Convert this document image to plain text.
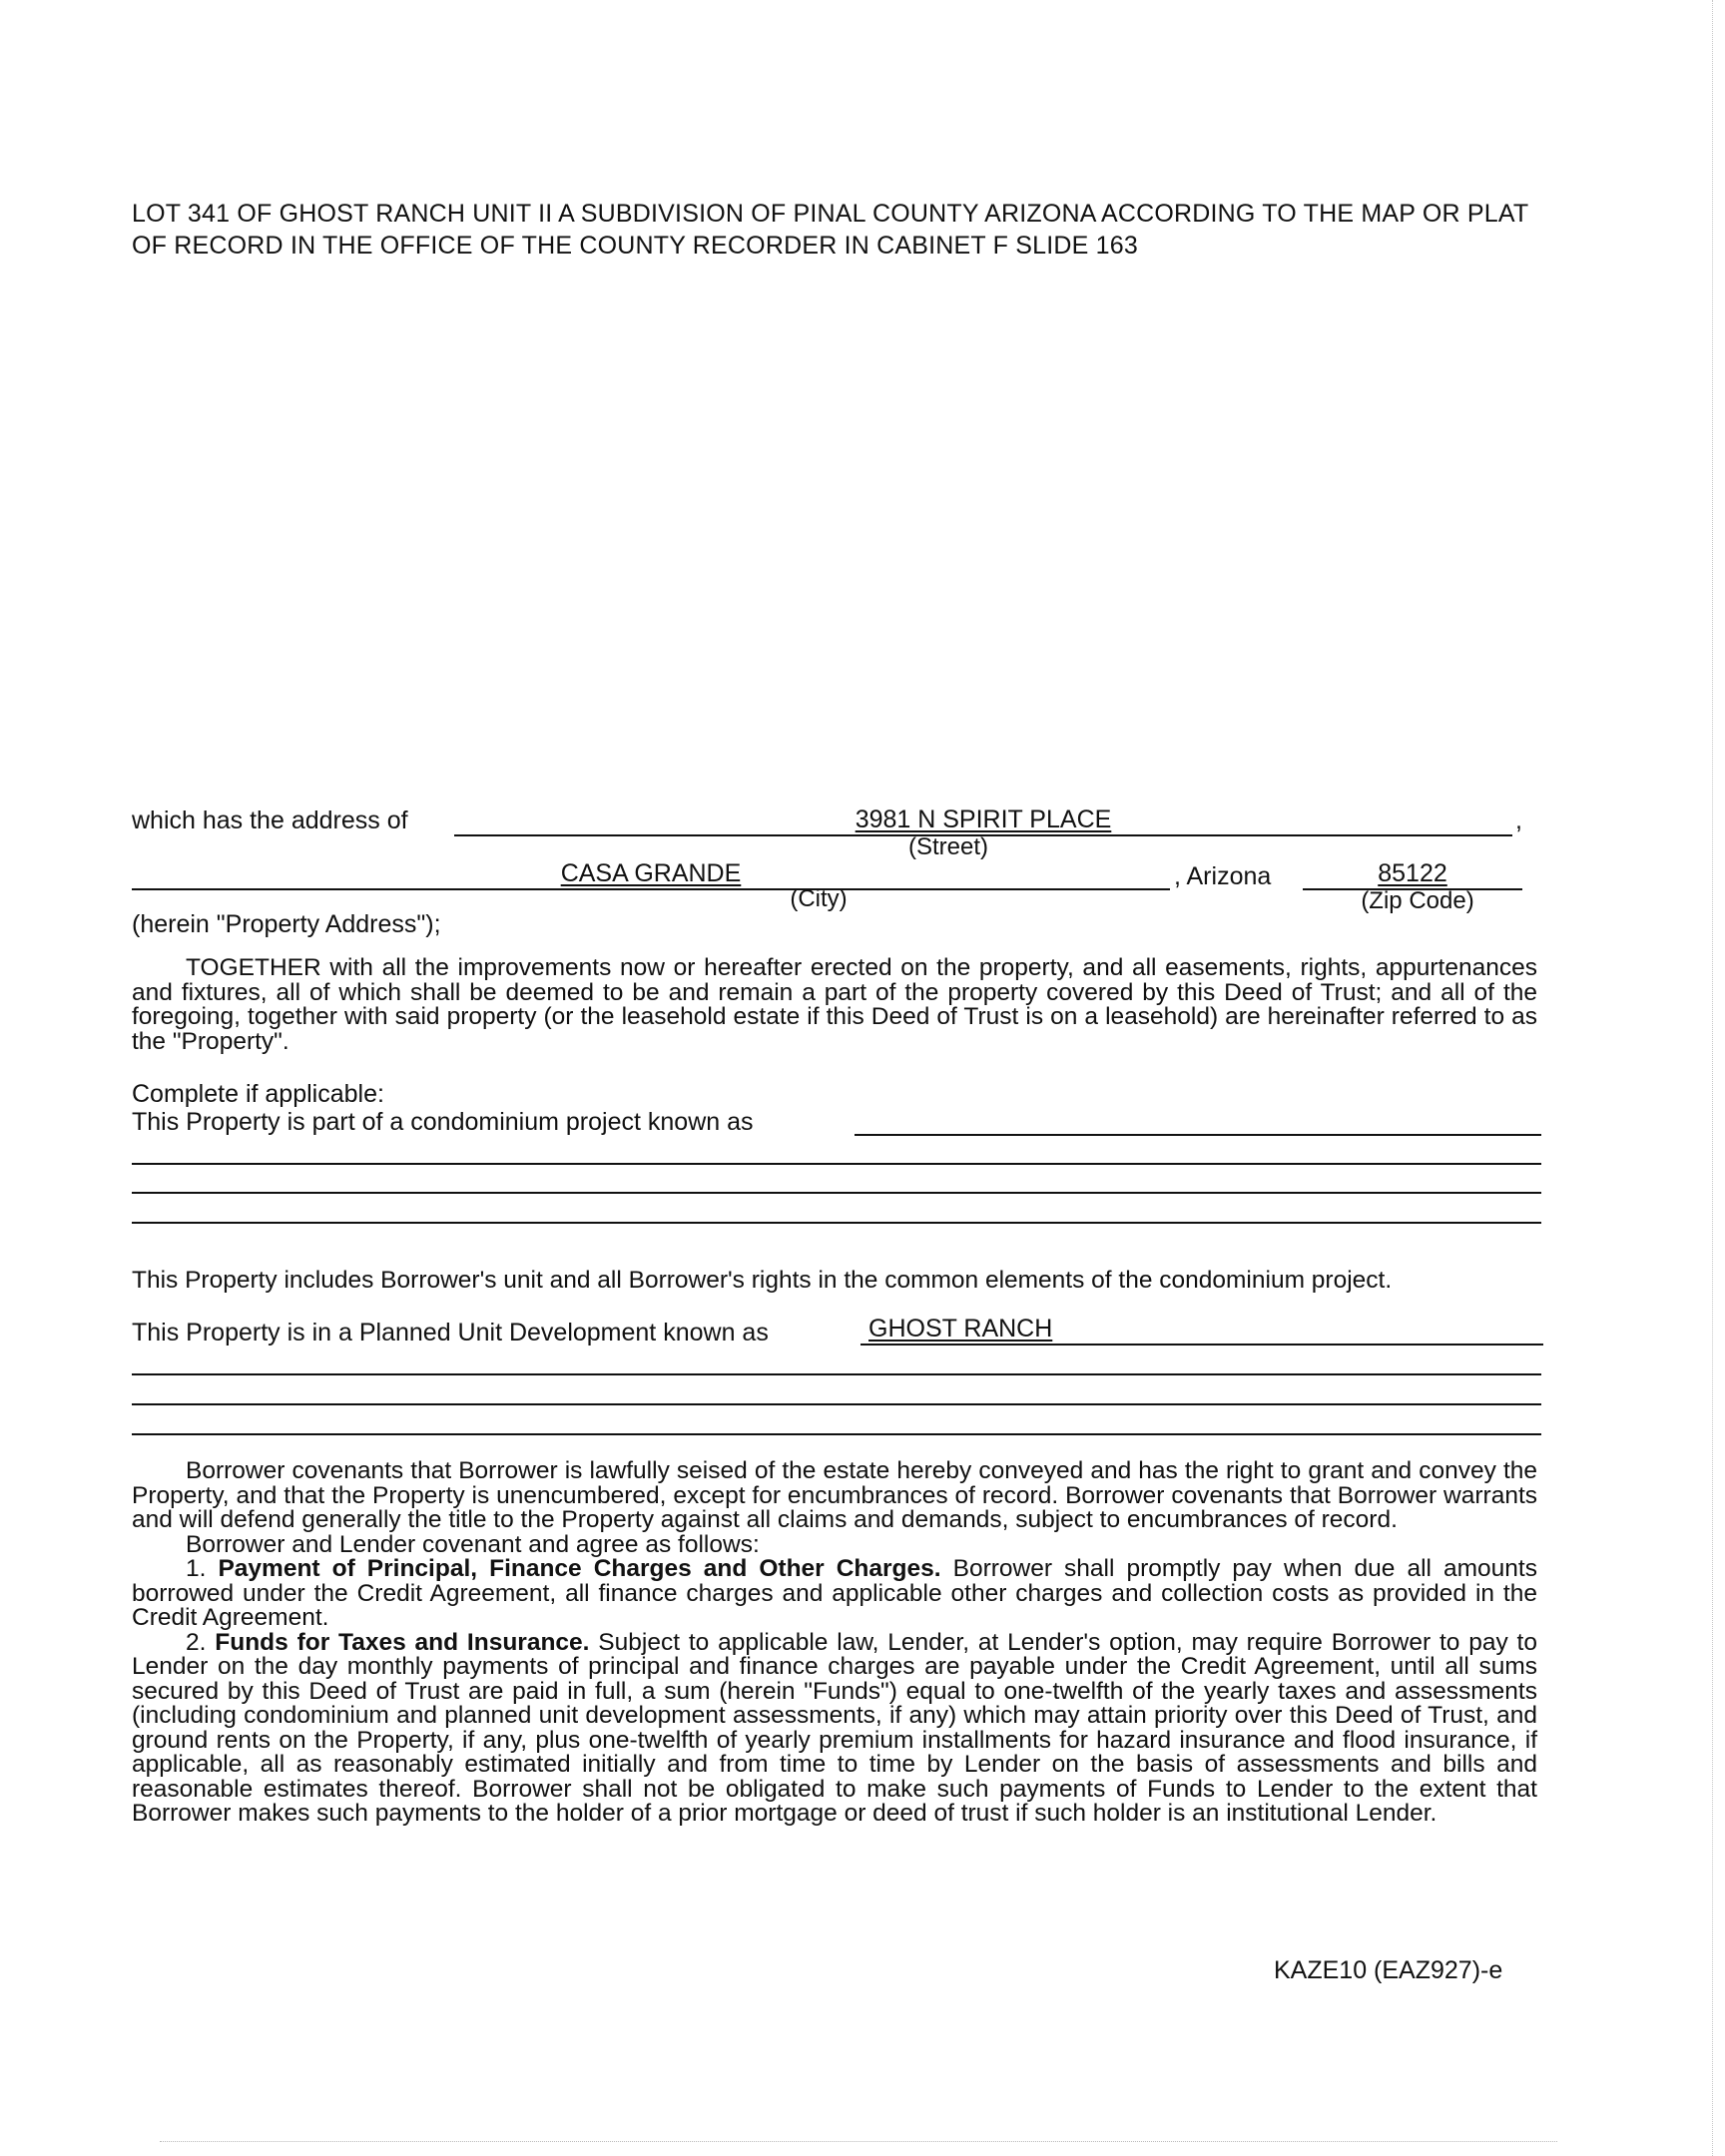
LOT 341 OF GHOST RANCH UNIT II A SUBDIVISION OF PINAL COUNTY ARIZONA ACCORDING TO THE MAP OR PLAT OF RECORD IN THE OFFICE OF THE COUNTY RECORDER IN CABINET F SLIDE 163
which has the address of	3981 N SPIRIT PLACE	,
(Street)
CASA GRANDE	, Arizona	85122
(City)	(Zip Code)
(herein "Property Address");

TOGETHER with all the improvements now or hereafter erected on the property, and all easements, rights, appurtenances and fixtures, all of which shall be deemed to be and remain a part of the property covered by this Deed of Trust; and all of the foregoing, together with said property (or the leasehold estate if this Deed of Trust is on a leasehold) are hereinafter referred to as the "Property".

Complete if applicable:
This Property is part of a condominium project known as

This Property includes Borrower's unit and all Borrower's rights in the common elements of the condominium project.

This Property is in a Planned Unit Development known as	GHOST RANCH

Borrower covenants that Borrower is lawfully seised of the estate hereby conveyed and has the right to grant and convey the Property, and that the Property is unencumbered, except for encumbrances of record. Borrower covenants that Borrower warrants and will defend generally the title to the Property against all claims and demands, subject to encumbrances of record.

Borrower and Lender covenant and agree as follows:

1. Payment of Principal, Finance Charges and Other Charges. Borrower shall promptly pay when due all amounts borrowed under the Credit Agreement, all finance charges and applicable other charges and collection costs as provided in the Credit Agreement.

2. Funds for Taxes and Insurance. Subject to applicable law, Lender, at Lender's option, may require Borrower to pay to Lender on the day monthly payments of principal and finance charges are payable under the Credit Agreement, until all sums secured by this Deed of Trust are paid in full, a sum (herein "Funds") equal to one-twelfth of the yearly taxes and assessments (including condominium and planned unit development assessments, if any) which may attain priority over this Deed of Trust, and ground rents on the Property, if any, plus one-twelfth of yearly premium installments for hazard insurance and flood insurance, if applicable, all as reasonably estimated initially and from time to time by Lender on the basis of assessments and bills and reasonable estimates thereof. Borrower shall not be obligated to make such payments of Funds to Lender to the extent that Borrower makes such payments to the holder of a prior mortgage or deed of trust if such holder is an institutional Lender.

KAZE10 (EAZ927)-e
